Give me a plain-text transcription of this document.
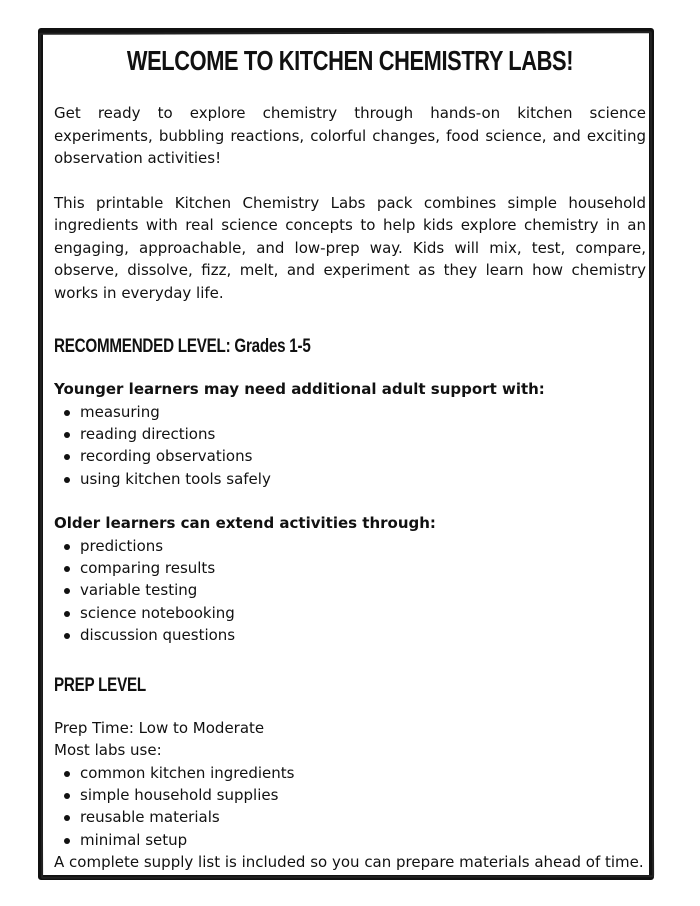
WELCOME TO KITCHEN CHEMISTRY LABS!

Get ready to explore chemistry through hands-on kitchen science experiments, bubbling reactions, colorful changes, food science, and exciting observation activities!

This printable Kitchen Chemistry Labs pack combines simple household ingredients with real science concepts to help kids explore chemistry in an engaging, approachable, and low-prep way. Kids will mix, test, compare, observe, dissolve, fizz, melt, and experiment as they learn how chemistry works in everyday life.

RECOMMENDED LEVEL: Grades 1-5
Younger learners may need additional adult support with:
measuring
reading directions
recording observations
using kitchen tools safely
Older learners can extend activities through:
predictions
comparing results
variable testing
science notebooking
discussion questions
PREP LEVEL

Prep Time: Low to Moderate

Most labs use:

common kitchen ingredients
simple household supplies
reusable materials
minimal setup

A complete supply list is included so you can prepare materials ahead of time.
